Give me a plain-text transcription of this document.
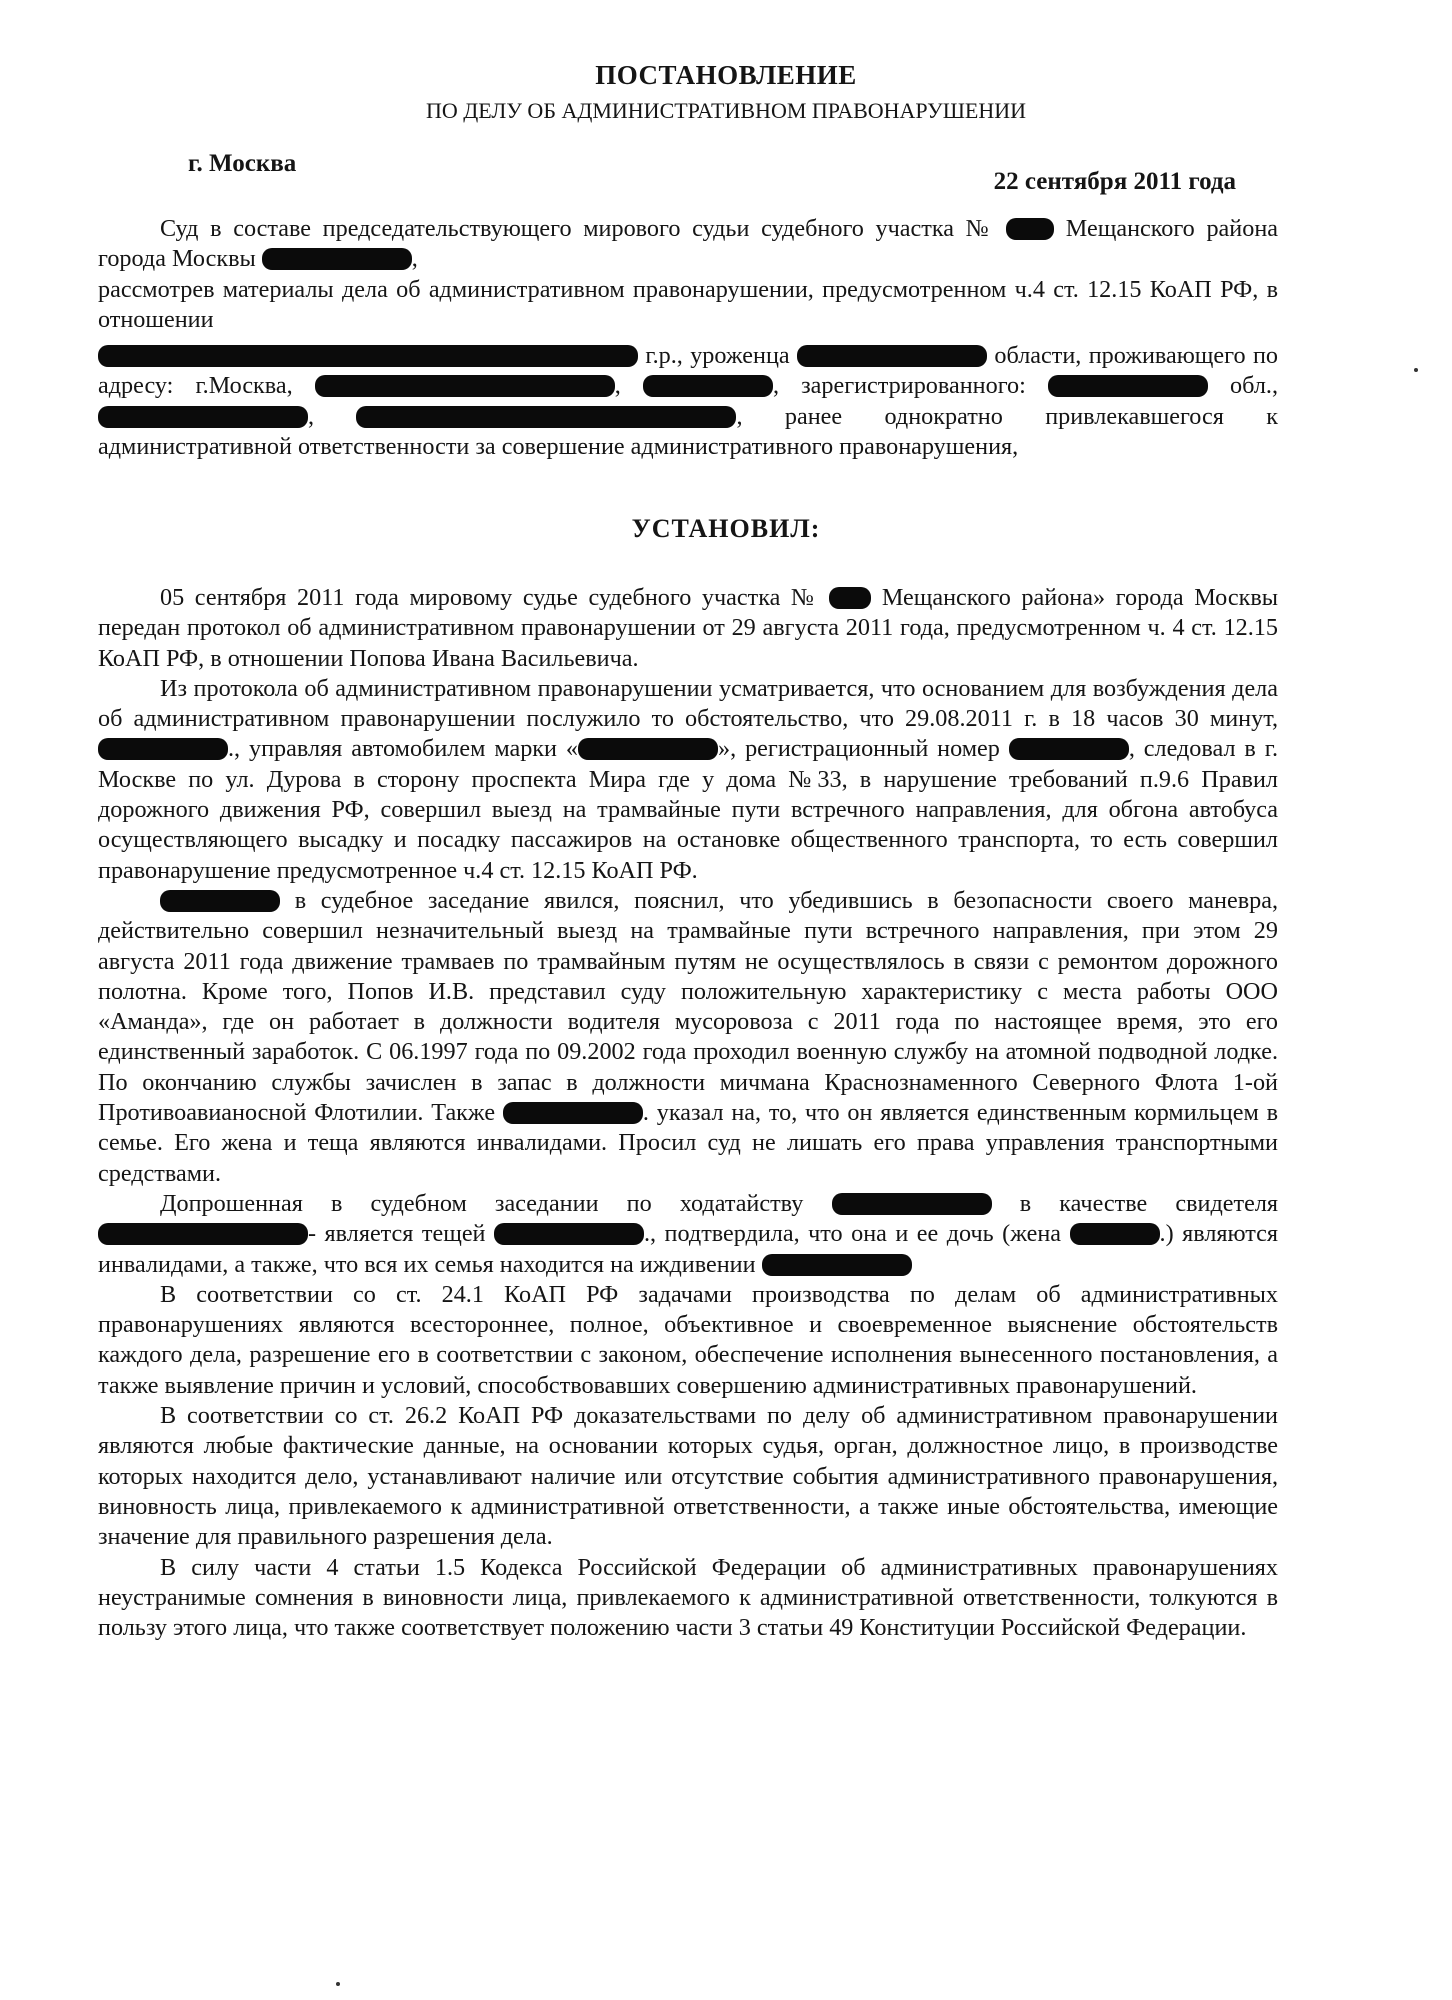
ПОСТАНОВЛЕНИЕ
ПО ДЕЛУ ОБ АДМИНИСТРАТИВНОМ ПРАВОНАРУШЕНИИ
г. Москва
22 сентября 2011 года

Суд в составе председательствующего мирового судьи судебного участка №	Мещанского района города Москвы	,

рассмотрев материалы дела об административном правонарушении, предусмотренном ч.4 ст. 12.15 КоАП РФ, в отношении

г.р., уроженца	области, проживающего по адресу: г.Москва,	,	, зарегистрированного:	обл., ,	, ранее однократно привлекавшегося к административной ответственности за совершение административного правонарушения,

УСТАНОВИЛ:

05 сентября 2011 года мировому судье судебного участка №	Мещанского района» города Москвы передан протокол об административном правонарушении от 29 августа 2011 года, предусмотренном ч. 4 ст. 12.15 КоАП РФ, в отношении Попова Ивана Васильевича.

Из протокола об административном правонарушении усматривается, что основанием для возбуждения дела об административном правонарушении послужило то обстоятельство, что 29.08.2011 г. в 18 часов 30 минут, ., управляя автомобилем марки «	», регистрационный номер	, следовал в г. Москве по ул. Дурова в сторону проспекта Мира где у дома №33, в нарушение требований п.9.6 Правил дорожного движения РФ, совершил выезд на трамвайные пути встречного направления, для обгона автобуса осуществляющего высадку и посадку пассажиров на остановке общественного транспорта, то есть совершил правонарушение предусмотренное ч.4 ст. 12.15 КоАП РФ.

в судебное заседание явился, пояснил, что убедившись в безопасности своего маневра, действительно совершил незначительный выезд на трамвайные пути встречного направления, при этом 29 августа 2011 года движение трамваев по трамвайным путям не осуществлялось в связи с ремонтом дорожного полотна. Кроме того, Попов И.В. представил суду положительную характеристику с места работы ООО «Аманда», где он работает в должности водителя мусоровоза с 2011 года по настоящее время, это его единственный заработок. С 06.1997 года по 09.2002 года проходил военную службу на атомной подводной лодке. По окончанию службы зачислен в запас в должности мичмана Краснознаменного Северного Флота 1-ой Противоавианосной Флотилии. Также	. указал на, то, что он является единственным кормильцем в семье. Его жена и теща являются инвалидами. Просил суд не лишать его права управления транспортными средствами.

Допрошенная в судебном заседании по ходатайству	в качестве свидетеля - является тещей	., подтвердила, что она и ее дочь (жена	.) являются инвалидами, а также, что вся их семья находится на иждивении

В соответствии со ст. 24.1 КоАП РФ задачами производства по делам об административных правонарушениях являются всестороннее, полное, объективное и своевременное выяснение обстоятельств каждого дела, разрешение его в соответствии с законом, обеспечение исполнения вынесенного постановления, а также выявление причин и условий, способствовавших совершению административных правонарушений.

В соответствии со ст. 26.2 КоАП РФ доказательствами по делу об административном правонарушении являются любые фактические данные, на основании которых судья, орган, должностное лицо, в производстве которых находится дело, устанавливают наличие или отсутствие события административного правонарушения, виновность лица, привлекаемого к административной ответственности, а также иные обстоятельства, имеющие значение для правильного разрешения дела.

В силу части 4 статьи 1.5 Кодекса Российской Федерации об административных правонарушениях неустранимые сомнения в виновности лица, привлекаемого к административной ответственности, толкуются в пользу этого лица, что также соответствует положению части 3 статьи 49 Конституции Российской Федерации.
